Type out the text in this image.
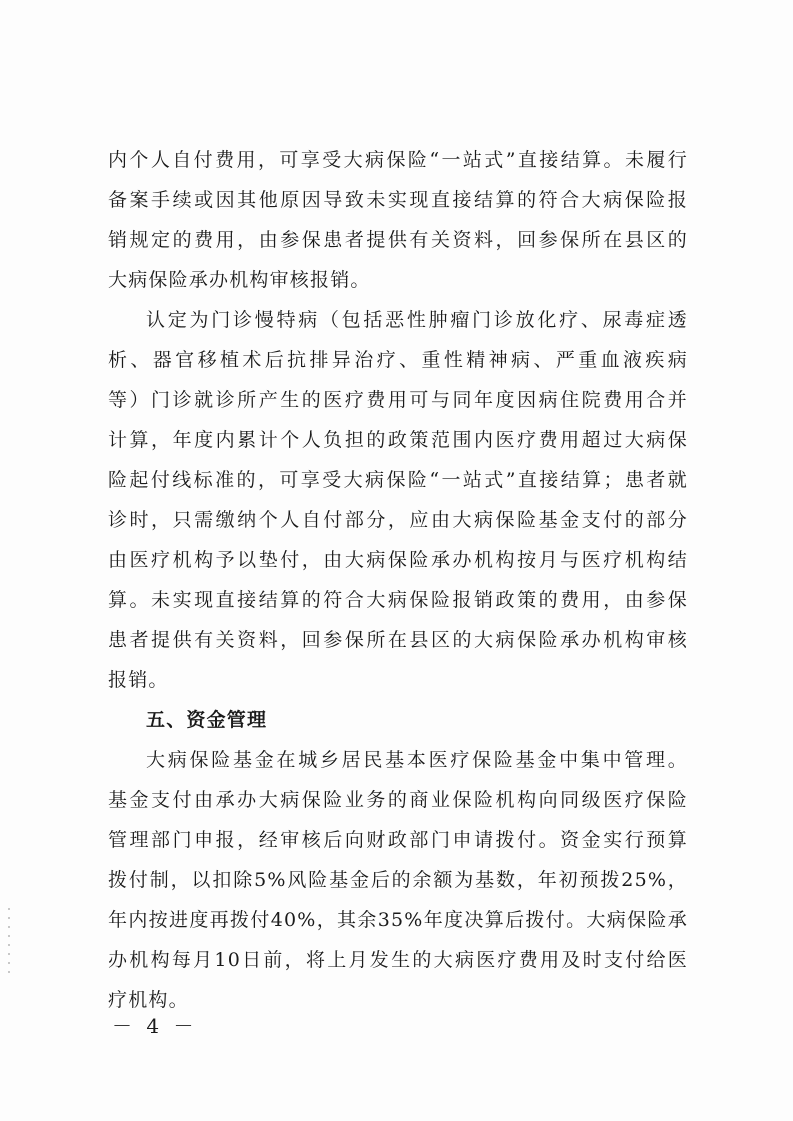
内个人自付费用，可享受大病保险“一站式”直接结算。未履行
备案手续或因其他原因导致未实现直接结算的符合大病保险报
销规定的费用，由参保患者提供有关资料，回参保所在县区的
大病保险承办机构审核报销。
认定为门诊慢特病（包括恶性肿瘤门诊放化疗、尿毒症透
析、器官移植术后抗排异治疗、重性精神病、严重血液疾病
等）门诊就诊所产生的医疗费用可与同年度因病住院费用合并
计算，年度内累计个人负担的政策范围内医疗费用超过大病保
险起付线标准的，可享受大病保险“一站式”直接结算；患者就
诊时，只需缴纳个人自付部分，应由大病保险基金支付的部分
由医疗机构予以垫付，由大病保险承办机构按月与医疗机构结
算。未实现直接结算的符合大病保险报销政策的费用，由参保
患者提供有关资料，回参保所在县区的大病保险承办机构审核
报销。
五、资金管理
大病保险基金在城乡居民基本医疗保险基金中集中管理。
基金支付由承办大病保险业务的商业保险机构向同级医疗保险
管理部门申报，经审核后向财政部门申请拨付。资金实行预算
拨付制，以扣除5%风险基金后的余额为基数，年初预拨25%，
年内按进度再拨付40%，其余35%年度决算后拨付。大病保险承
办机构每月10日前，将上月发生的大病医疗费用及时支付给医
疗机构。
－ 4 －
